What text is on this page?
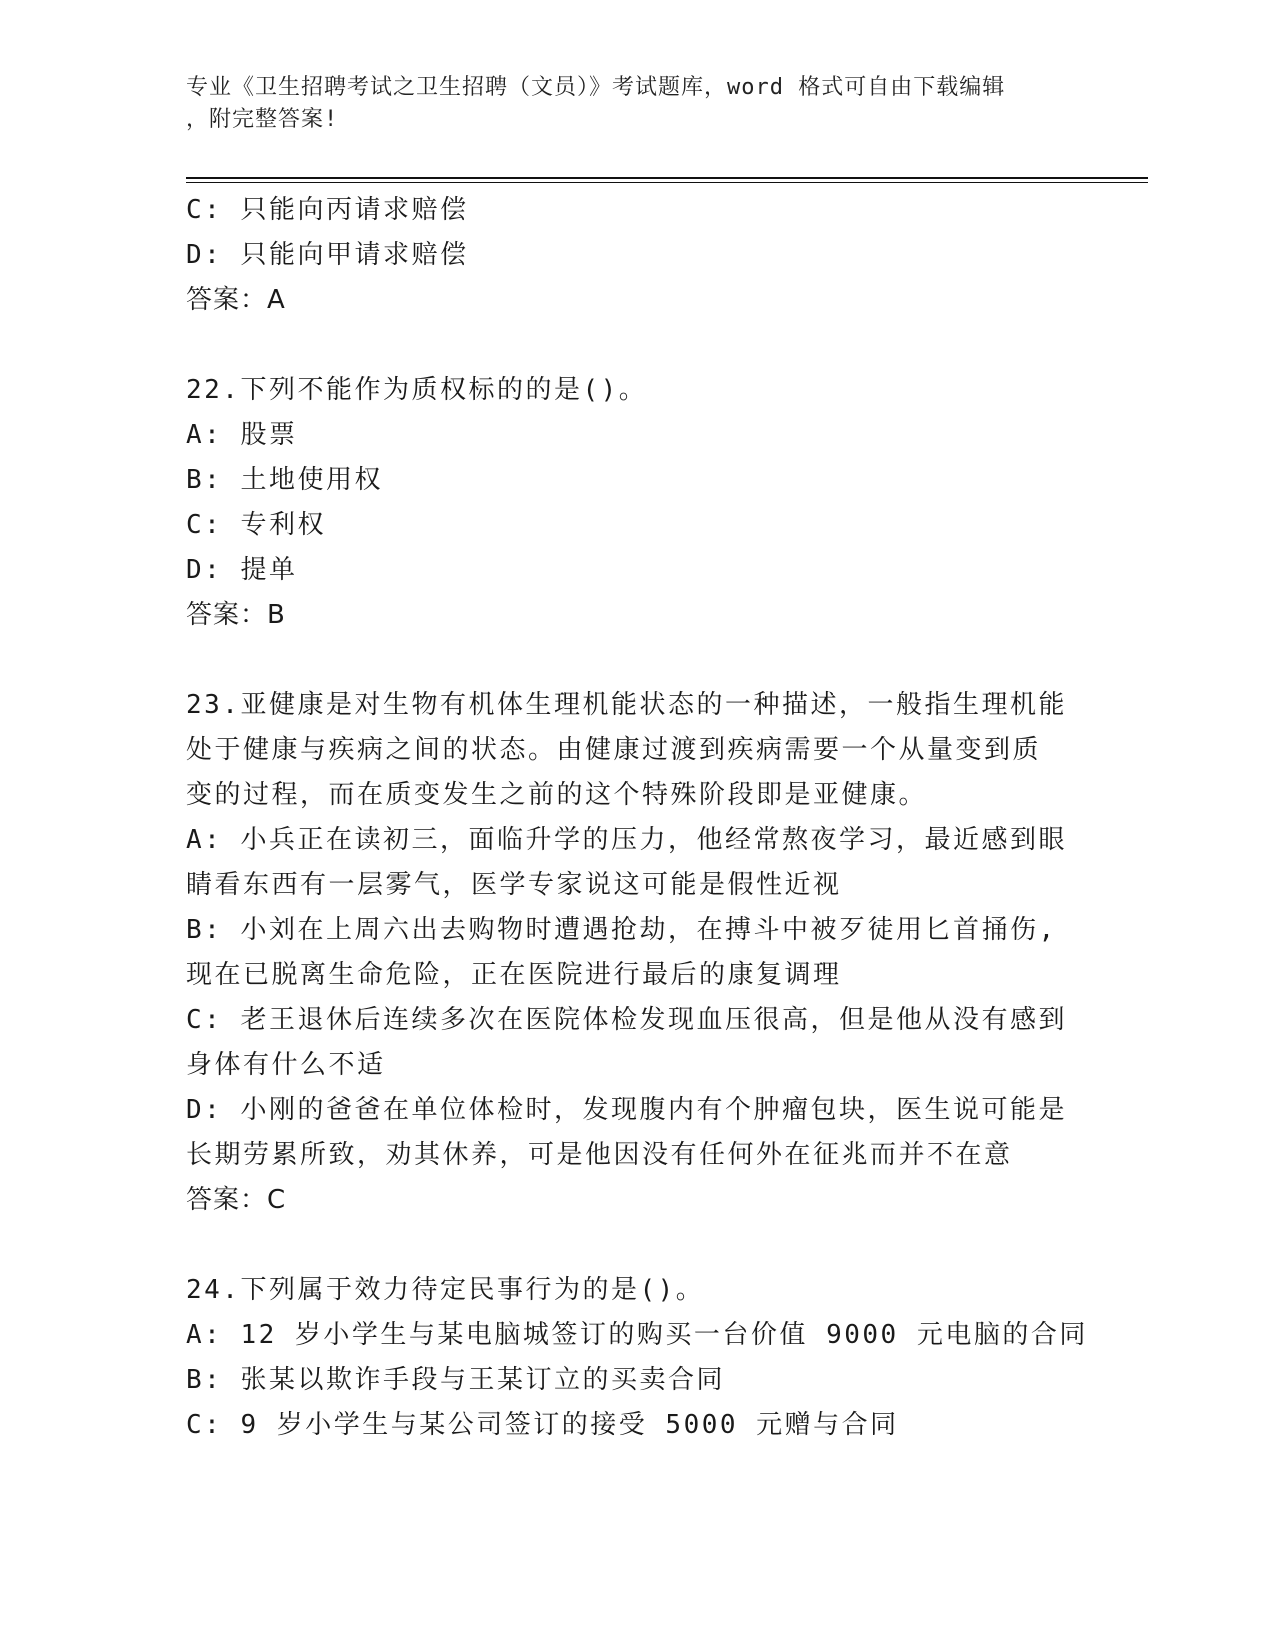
专业《卫生招聘考试之卫生招聘（文员）》考试题库，word 格式可自由下载编辑
，附完整答案!
C: 只能向丙请求赔偿
D: 只能向甲请求赔偿
答案：A
22.下列不能作为质权标的的是()。
A: 股票
B: 土地使用权
C: 专利权
D: 提单
答案：B
23.亚健康是对生物有机体生理机能状态的一种描述，一般指生理机能
处于健康与疾病之间的状态。由健康过渡到疾病需要一个从量变到质
变的过程，而在质变发生之前的这个特殊阶段即是亚健康。
A: 小兵正在读初三，面临升学的压力，他经常熬夜学习，最近感到眼
睛看东西有一层雾气，医学专家说这可能是假性近视
B: 小刘在上周六出去购物时遭遇抢劫，在搏斗中被歹徒用匕首捅伤,
现在已脱离生命危险，正在医院进行最后的康复调理
C: 老王退休后连续多次在医院体检发现血压很高，但是他从没有感到
身体有什么不适
D: 小刚的爸爸在单位体检时，发现腹内有个肿瘤包块，医生说可能是
长期劳累所致，劝其休养，可是他因没有任何外在征兆而并不在意
答案：C
24.下列属于效力待定民事行为的是()。
A: 12 岁小学生与某电脑城签订的购买一台价值 9000 元电脑的合同
B: 张某以欺诈手段与王某订立的买卖合同
C: 9 岁小学生与某公司签订的接受 5000 元赠与合同
